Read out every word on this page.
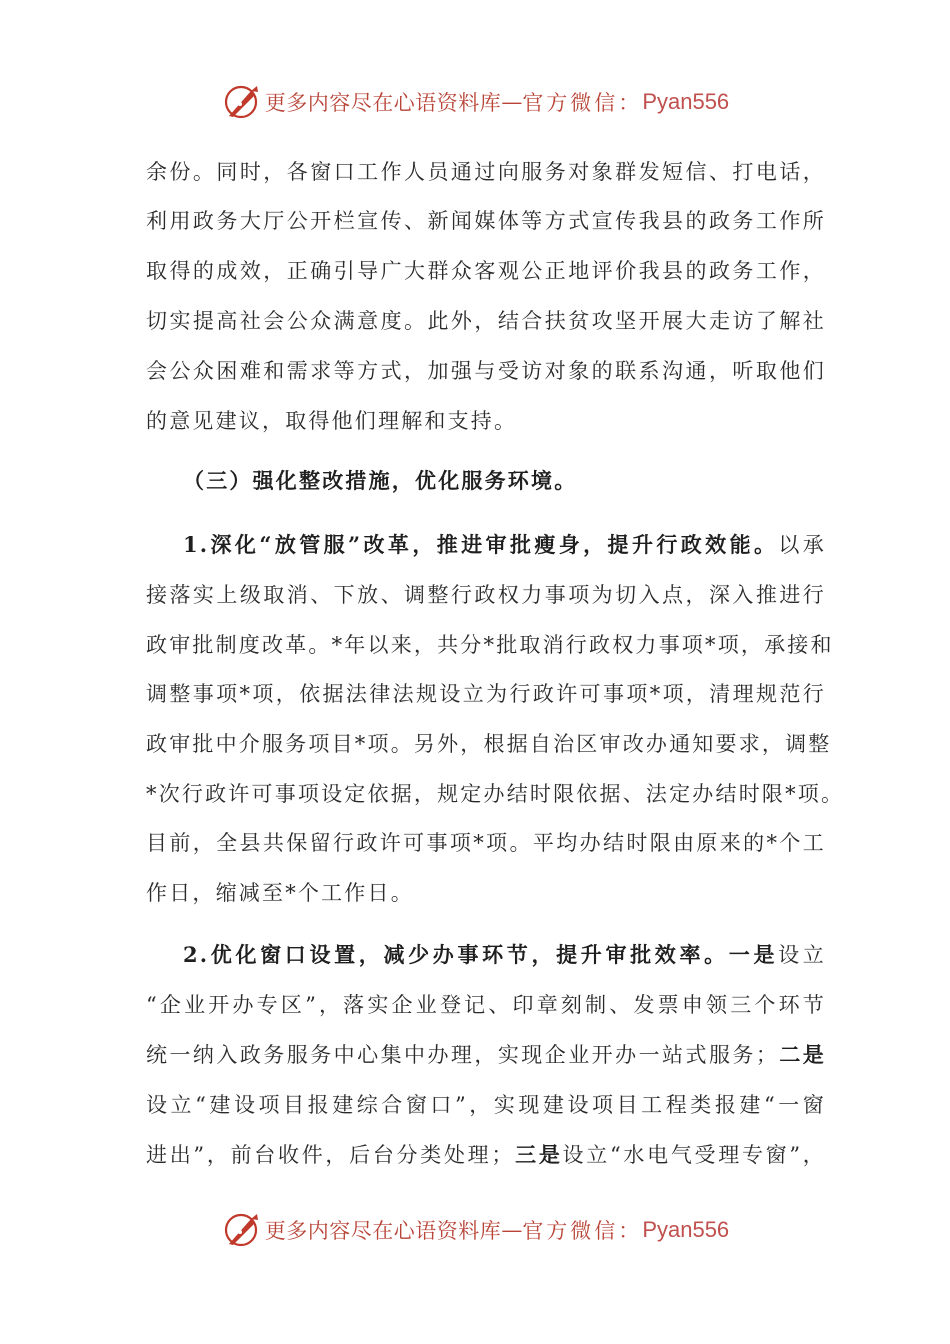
更多内容尽在心语资料库 — 官方微信： Pyan556
余份。同时，各窗口工作人员通过向服务对象群发短信、打电话，
利用政务大厅公开栏宣传、新闻媒体等方式宣传我县的政务工作所
取得的成效，正确引导广大群众客观公正地评价我县的政务工作，
切实提高社会公众满意度。此外，结合扶贫攻坚开展大走访了解社
会公众困难和需求等方式，加强与受访对象的联系沟通，听取他们
的意见建议，取得他们理解和支持。
（三）强化整改措施，优化服务环境。
1.深化“放管服”改革，推进审批瘦身，提升行政效能。以承
接落实上级取消、下放、调整行政权力事项为切入点，深入推进行
政审批制度改革。*年以来，共分*批取消行政权力事项*项，承接和
调整事项*项，依据法律法规设立为行政许可事项*项，清理规范行
政审批中介服务项目*项。另外，根据自治区审改办通知要求，调整
*次行政许可事项设定依据，规定办结时限依据、法定办结时限*项。
目前，全县共保留行政许可事项*项。平均办结时限由原来的*个工
作日，缩减至*个工作日。
2.优化窗口设置，减少办事环节，提升审批效率。一是设立
“企业开办专区”，落实企业登记、印章刻制、发票申领三个环节
统一纳入政务服务中心集中办理，实现企业开办一站式服务；二是
设立“建设项目报建综合窗口”，实现建设项目工程类报建“一窗
进出”，前台收件，后台分类处理；三是设立“水电气受理专窗”，
更多内容尽在心语资料库 — 官方微信： Pyan556
